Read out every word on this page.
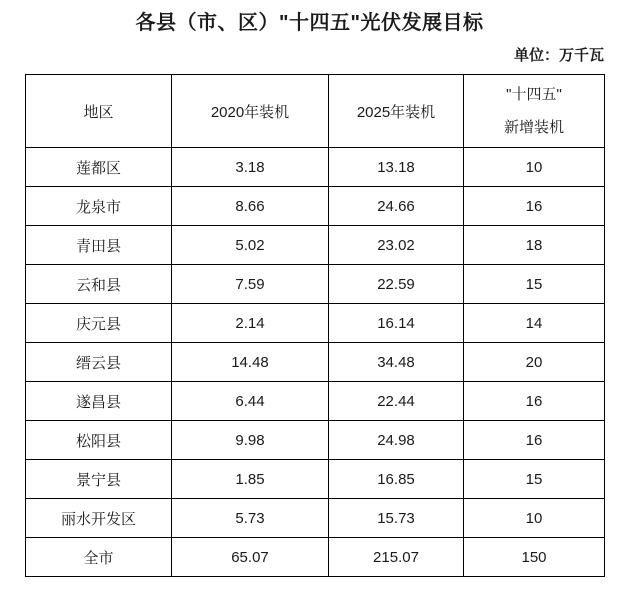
各县（市、区）"十四五"光伏发展目标
单位：万千瓦
地区	2020年装机	2025年装机	"十四五"
新增装机

莲都区	3.18	13.18	10
龙泉市	8.66	24.66	16
青田县	5.02	23.02	18
云和县	7.59	22.59	15
庆元县	2.14	16.14	14
缙云县	14.48	34.48	20
遂昌县	6.44	22.44	16
松阳县	9.98	24.98	16
景宁县	1.85	16.85	15
丽水开发区	5.73	15.73	10
全市	65.07	215.07	150
